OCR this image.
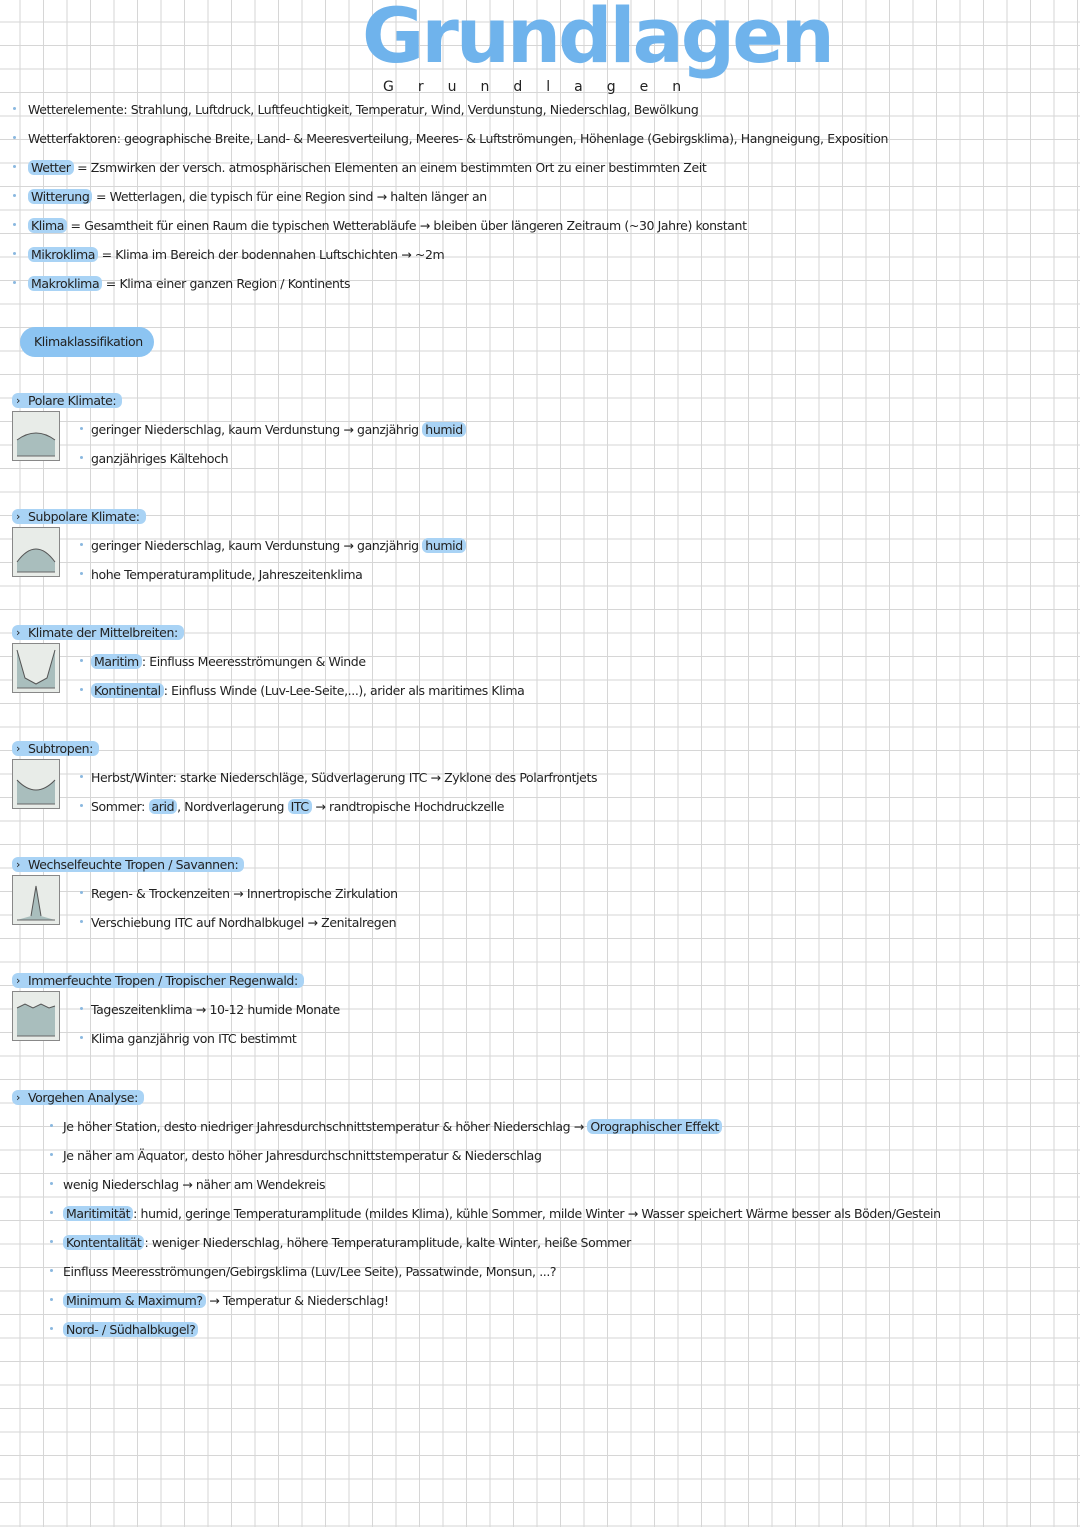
Grundlagen
Grundlagen
Klimaklassifikation
Wetterelemente: Strahlung, Luftdruck, Luftfeuchtigkeit, Temperatur, Wind, Verdunstung, Niederschlag, Bewölkung
Wetterfaktoren: geographische Breite, Land- & Meeresverteilung, Meeres- & Luftströmungen, Höhenlage (Gebirgsklima), Hangneigung, Exposition
Wetter = Zsmwirken der versch. atmosphärischen Elementen an einem bestimmten Ort zu einer bestimmten Zeit
Witterung = Wetterlagen, die typisch für eine Region sind → halten länger an
Klima = Gesamtheit für einen Raum die typischen Wetterabläufe → bleiben über längeren Zeitraum (~30 Jahre) konstant
Mikroklima = Klima im Bereich der bodennahen Luftschichten → ~2m
Makroklima = Klima einer ganzen Region / Kontinents
Polare Klimate:
›
geringer Niederschlag, kaum Verdunstung → ganzjährig humid
ganzjähriges Kältehoch
Subpolare Klimate:
›
geringer Niederschlag, kaum Verdunstung → ganzjährig humid
hohe Temperaturamplitude, Jahreszeitenklima
Klimate der Mittelbreiten:
›
Maritim : Einfluss Meeresströmungen & Winde
Kontinental : Einfluss Winde (Luv-Lee-Seite,...), arider als maritimes Klima
Subtropen:
›
Herbst/Winter: starke Niederschläge, Südverlagerung ITC → Zyklone des Polarfrontjets
Sommer: arid , Nordverlagerung ITC → randtropische Hochdruckzelle
Wechselfeuchte Tropen / Savannen:
›
Regen- & Trockenzeiten → Innertropische Zirkulation
Verschiebung ITC auf Nordhalbkugel → Zenitalregen
Immerfeuchte Tropen / Tropischer Regenwald:
›
Tageszeitenklima → 10-12 humide Monate
Klima ganzjährig von ITC bestimmt
Vorgehen Analyse:
›
Je höher Station, desto niedriger Jahresdurchschnittstemperatur & höher Niederschlag → Orographischer Effekt
Je näher am Äquator, desto höher Jahresdurchschnittstemperatur & Niederschlag
wenig Niederschlag → näher am Wendekreis
Maritimität : humid, geringe Temperaturamplitude (mildes Klima), kühle Sommer, milde Winter → Wasser speichert Wärme besser als Böden/Gestein
Kontentalität : weniger Niederschlag, höhere Temperaturamplitude, kalte Winter, heiße Sommer
Einfluss Meeresströmungen/Gebirgsklima (Luv/Lee Seite), Passatwinde, Monsun, ...?
Minimum & Maximum? → Temperatur & Niederschlag!
Nord- / Südhalbkugel?
